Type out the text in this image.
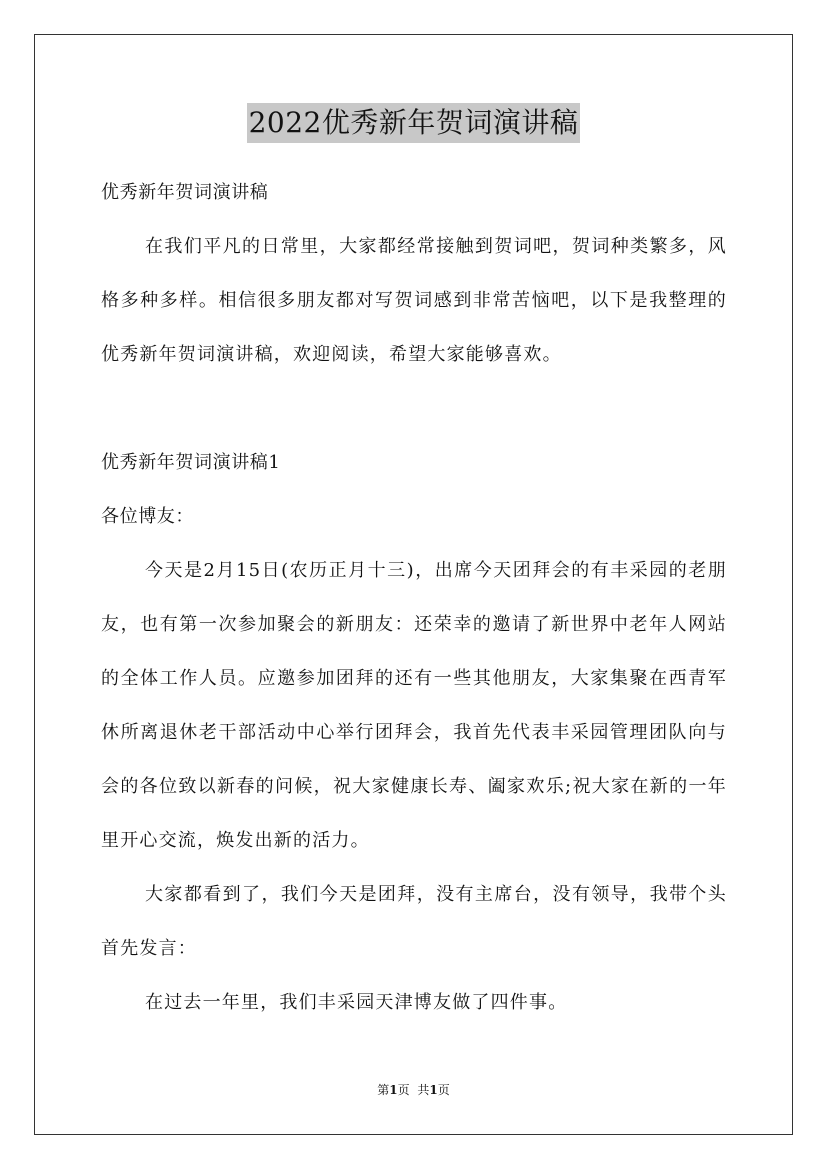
2022优秀新年贺词演讲稿

优秀新年贺词演讲稿

在我们平凡的日常里，大家都经常接触到贺词吧，贺词种类繁多，风格多种多样。相信很多朋友都对写贺词感到非常苦恼吧，以下是我整理的优秀新年贺词演讲稿，欢迎阅读，希望大家能够喜欢。

优秀新年贺词演讲稿1

各位博友：

今天是2月15日(农历正月十三)，出席今天团拜会的有丰采园的老朋友，也有第一次参加聚会的新朋友：还荣幸的邀请了新世界中老年人网站的全体工作人员。应邀参加团拜的还有一些其他朋友，大家集聚在西青军休所离退休老干部活动中心举行团拜会，我首先代表丰采园管理团队向与会的各位致以新春的问候，祝大家健康长寿、阖家欢乐;祝大家在新的一年里开心交流，焕发出新的活力。

大家都看到了，我们今天是团拜，没有主席台，没有领导，我带个头首先发言：

在过去一年里，我们丰采园天津博友做了四件事。

第1页 共1页
